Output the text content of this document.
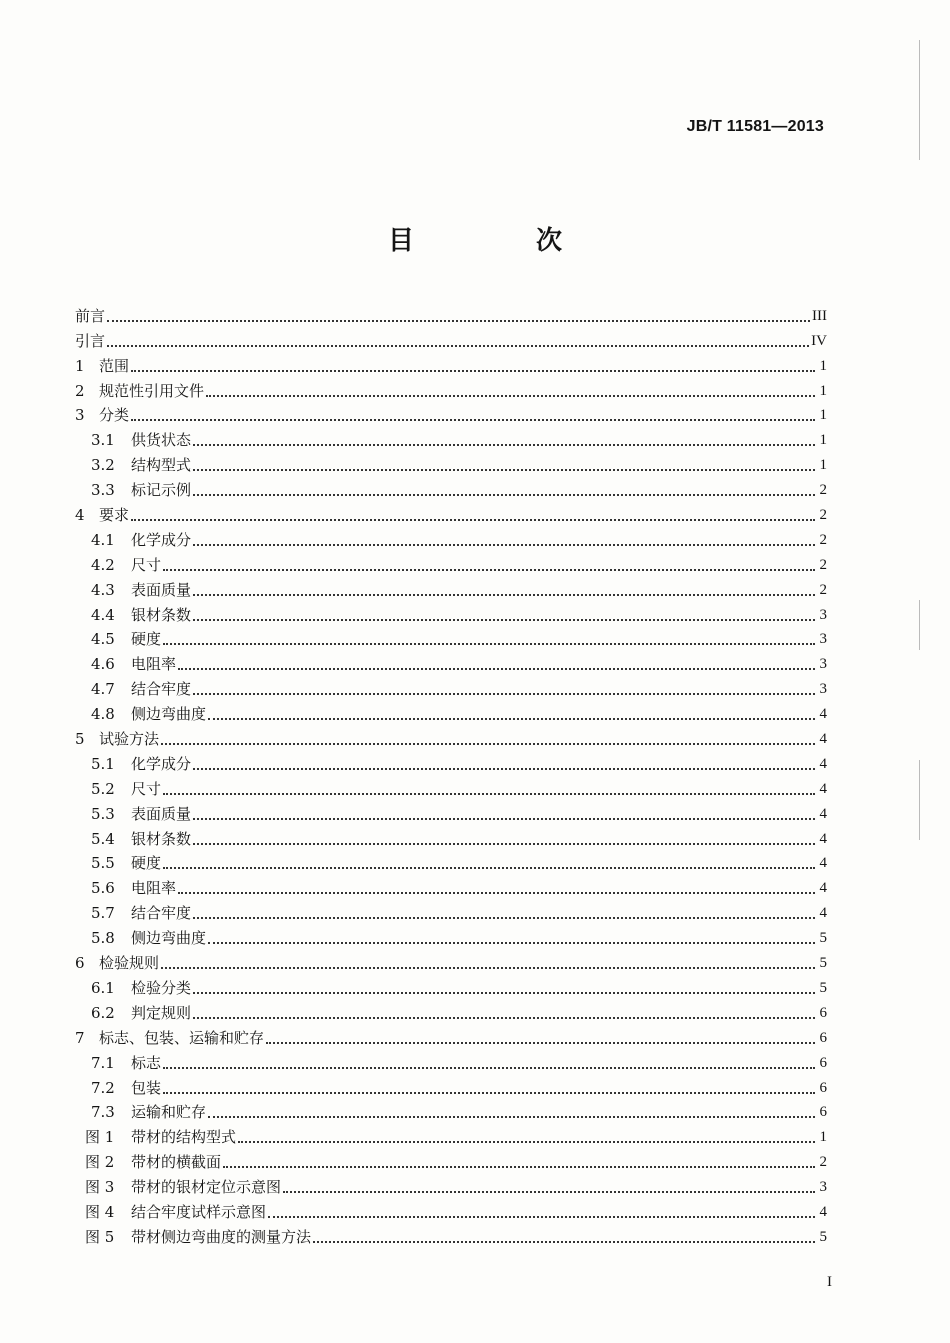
JB/T 11581—2013
目　次
前言	III
引言	IV
1 范围	1
2 规范性引用文件	1
3 分类	1
3.1	供货状态	1
3.2	结构型式	1
3.3	标记示例	2
4 要求	2
4.1	化学成分	2
4.2	尺寸	2
4.3	表面质量	2
4.4	银材条数	3
4.5	硬度	3
4.6	电阻率	3
4.7	结合牢度	3
4.8	侧边弯曲度	4
5 试验方法	4
5.1	化学成分	4
5.2	尺寸	4
5.3	表面质量	4
5.4	银材条数	4
5.5	硬度	4
5.6	电阻率	4
5.7	结合牢度	4
5.8	侧边弯曲度	5
6 检验规则	5
6.1	检验分类	5
6.2	判定规则	6
7 标志、包装、运输和贮存	6
7.1	标志	6
7.2	包装	6
7.3	运输和贮存	6
图 1	带材的结构型式	1
图 2	带材的横截面	2
图 3	带材的银材定位示意图	3
图 4	结合牢度试样示意图	4
图 5	带材侧边弯曲度的测量方法	5
I
